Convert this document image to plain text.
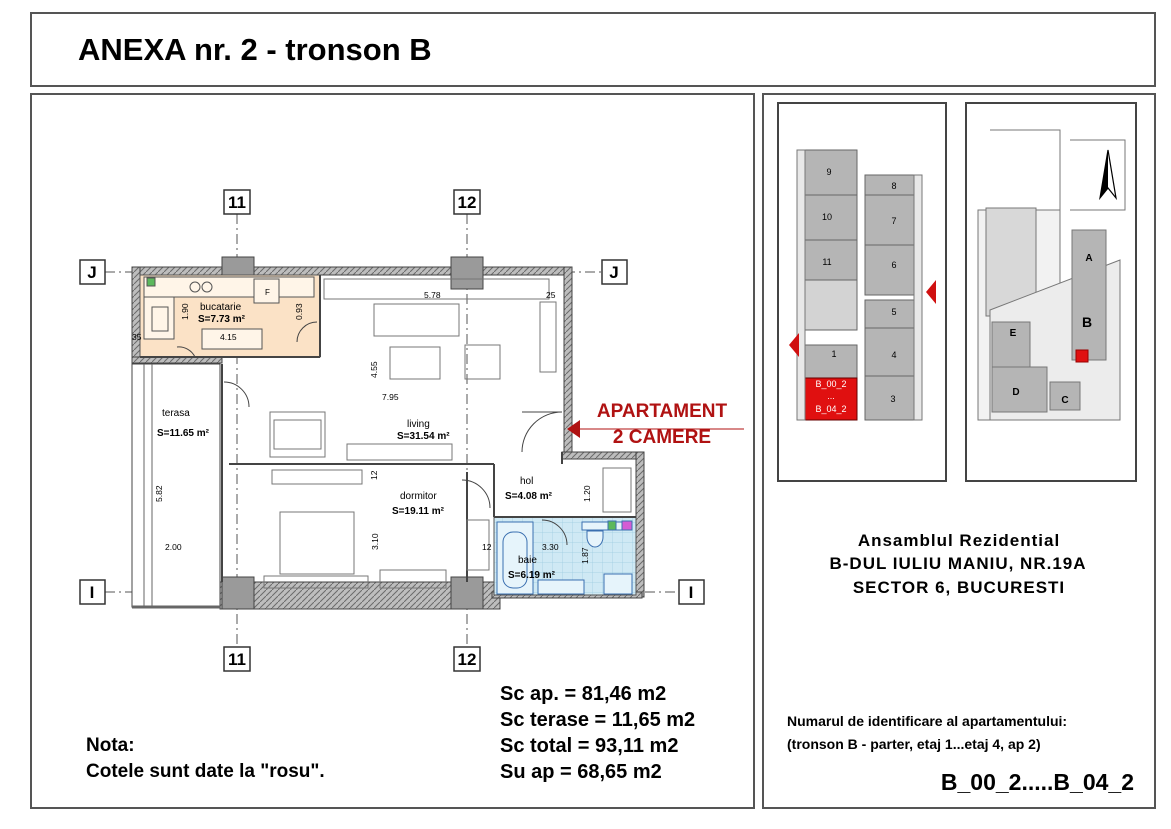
ANEXA nr. 2 - tronson B
F
11	12
11	12
J	J
I	I
bucatarie
S=7.73 m²
living
S=31.54 m²
terasa
S=11.65 m²
dormitor
S=19.11 m²
hol
S=4.08 m²
baie
S=6.19 m²
5.78	25
1.90	0.93
4.15
35
4.55
7.95
5.82
2.00
12
3.10
1.20
12	3.30
1.87
APARTAMENT
2 CAMERE
Nota:
Cotele sunt date la "rosu".
Sc ap. = 81,46 m2
Sc terase = 11,65 m2
Sc total = 93,11 m2
Su ap = 68,65 m2
9
8
10	7
11	6
5
1	4
3
B_00_2
...
B_04_2
A
B
C
D
E
Ansamblul Rezidential
B-DUL IULIU MANIU, NR.19A
SECTOR 6, BUCURESTI
Numarul de identificare al apartamentului:
(tronson B - parter, etaj 1...etaj 4, ap 2)
B_00_2.....B_04_2
